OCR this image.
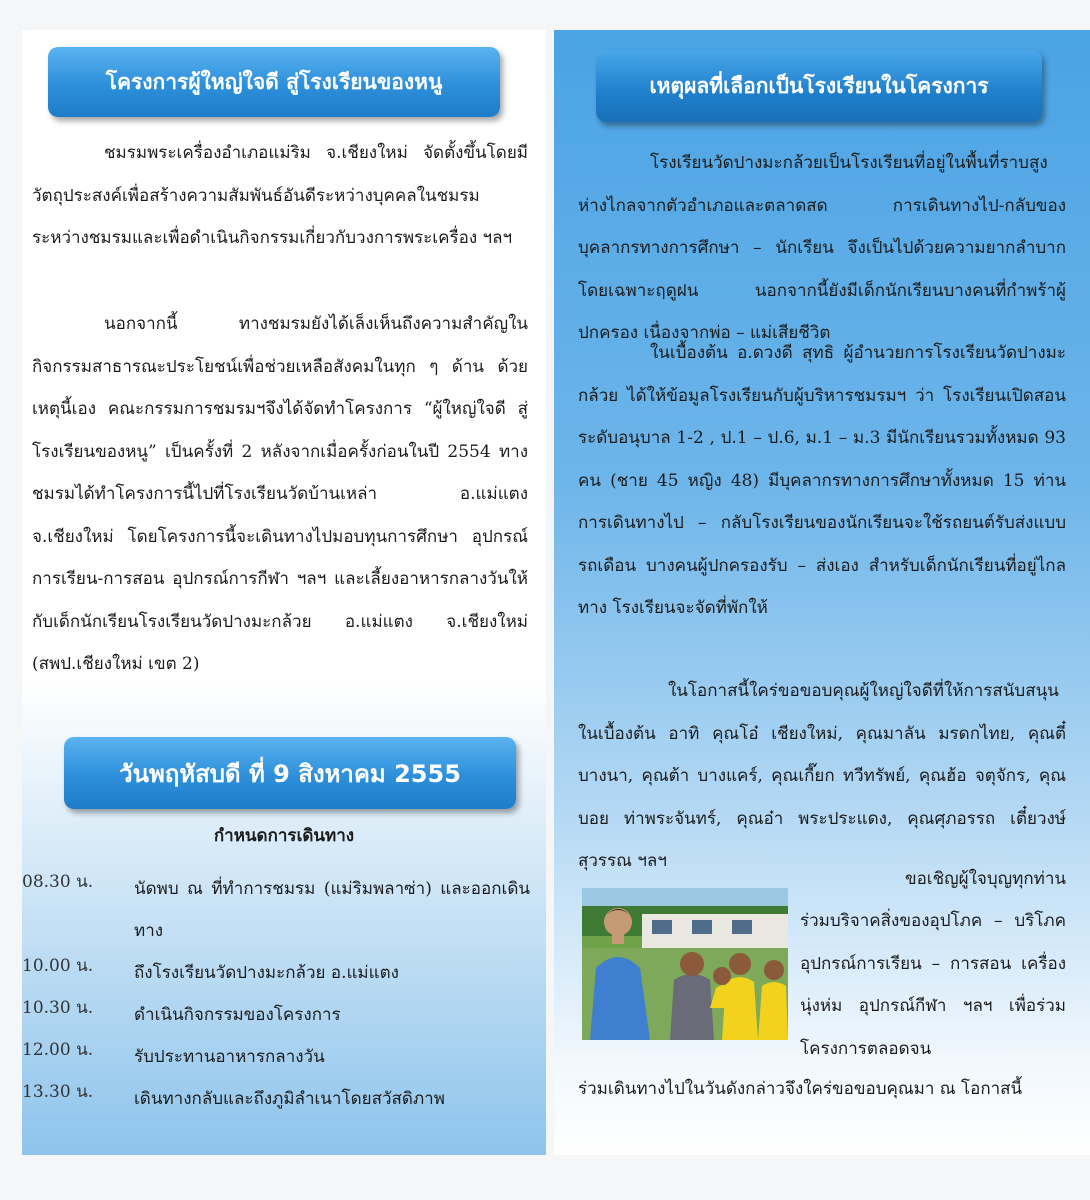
โครงการผู้ใหญ่ใจดี สู่โรงเรียนของหนู

ชมรมพระเครื่องอำเภอแม่ริม จ.เชียงใหม่ จัดตั้งขึ้นโดยมีวัตถุประสงค์เพื่อสร้างความสัมพันธ์อันดีระหว่างบุคคลในชมรม ระหว่างชมรมและเพื่อดำเนินกิจกรรมเกี่ยวกับวงการพระเครื่อง ฯลฯ

นอกจากนี้ ทางชมรมยังได้เล็งเห็นถึงความสำคัญในกิจกรรมสาธารณะประโยชน์เพื่อช่วยเหลือสังคมในทุก ๆ ด้าน ด้วยเหตุนี้เอง คณะกรรมการชมรมฯจึงได้จัดทำโครงการ “ผู้ใหญ่ใจดี สู่โรงเรียนของหนู” เป็นครั้งที่ 2 หลังจากเมื่อครั้งก่อนในปี 2554 ทางชมรมได้ทำโครงการนี้ไปที่โรงเรียนวัดบ้านเหล่า อ.แม่แตง จ.เชียงใหม่ โดยโครงการนี้จะเดินทางไปมอบทุนการศึกษา อุปกรณ์การเรียน-การสอน อุปกรณ์การกีฬา ฯลฯ และเลี้ยงอาหารกลางวันให้กับเด็กนักเรียนโรงเรียนวัดปางมะกล้วย อ.แม่แตง จ.เชียงใหม่ (สพป.เชียงใหม่ เขต 2)

วันพฤหัสบดี ที่ 9 สิงหาคม 2555
กำหนดการเดินทาง
08.30 น. นัดพบ ณ ที่ทำการชมรม (แม่ริมพลาซ่า) และออกเดินทาง
10.00 น. ถึงโรงเรียนวัดปางมะกล้วย อ.แม่แตง
10.30 น. ดำเนินกิจกรรมของโครงการ
12.00 น. รับประทานอาหารกลางวัน
13.30 น. เดินทางกลับและถึงภูมิลำเนาโดยสวัสดิภาพ
เหตุผลที่เลือกเป็นโรงเรียนในโครงการ

โรงเรียนวัดปางมะกล้วยเป็นโรงเรียนที่อยู่ในพื้นที่ราบสูง ห่างไกลจากตัวอำเภอและตลาดสด การเดินทางไป-กลับของบุคลากรทางการศึกษา – นักเรียน จึงเป็นไปด้วยความยากลำบาก โดยเฉพาะฤดูฝน นอกจากนี้ยังมีเด็กนักเรียนบางคนที่กำพร้าผู้ปกครอง เนื่องจากพ่อ – แม่เสียชีวิต

ในเบื้องต้น อ.ดวงดี สุทธิ ผู้อำนวยการโรงเรียนวัดปางมะกล้วย ได้ให้ข้อมูลโรงเรียนกับผู้บริหารชมรมฯ ว่า โรงเรียนเปิดสอนระดับอนุบาล 1-2 , ป.1 – ป.6, ม.1 – ม.3 มีนักเรียนรวมทั้งหมด 93 คน (ชาย 45 หญิง 48) มีบุคลากรทางการศึกษาทั้งหมด 15 ท่าน การเดินทางไป – กลับโรงเรียนของนักเรียนจะใช้รถยนต์รับส่งแบบรถเดือน บางคนผู้ปกครองรับ – ส่งเอง สำหรับเด็กนักเรียนที่อยู่ไกลทาง โรงเรียนจะจัดที่พักให้

ในโอกาสนี้ใคร่ขอขอบคุณผู้ใหญ่ใจดีที่ให้การสนับสนุนในเบื้องต้น อาทิ คุณโอ๋ เชียงใหม่, คุณมาลัน มรดกไทย, คุณตี๋ บางนา, คุณต้า บางแคร์, คุณเกี๊ยก ทวีทรัพย์, คุณฮ้อ จตุจักร, คุณบอย ท่าพระจันทร์, คุณอ๋า พระประแดง, คุณศุภอรรถ เตี๋ยวงษ์สุวรรณ ฯลฯ

ขอเชิญผู้ใจบุญทุกท่าน

ร่วมบริจาคสิ่งของอุปโภค – บริโภค อุปกรณ์การเรียน – การสอน เครื่องนุ่งห่ม อุปกรณ์กีฬา ฯลฯ เพื่อร่วมโครงการตลอดจน

ร่วมเดินทางไปในวันดังกล่าวจึงใคร่ขอขอบคุณมา ณ โอกาสนี้
